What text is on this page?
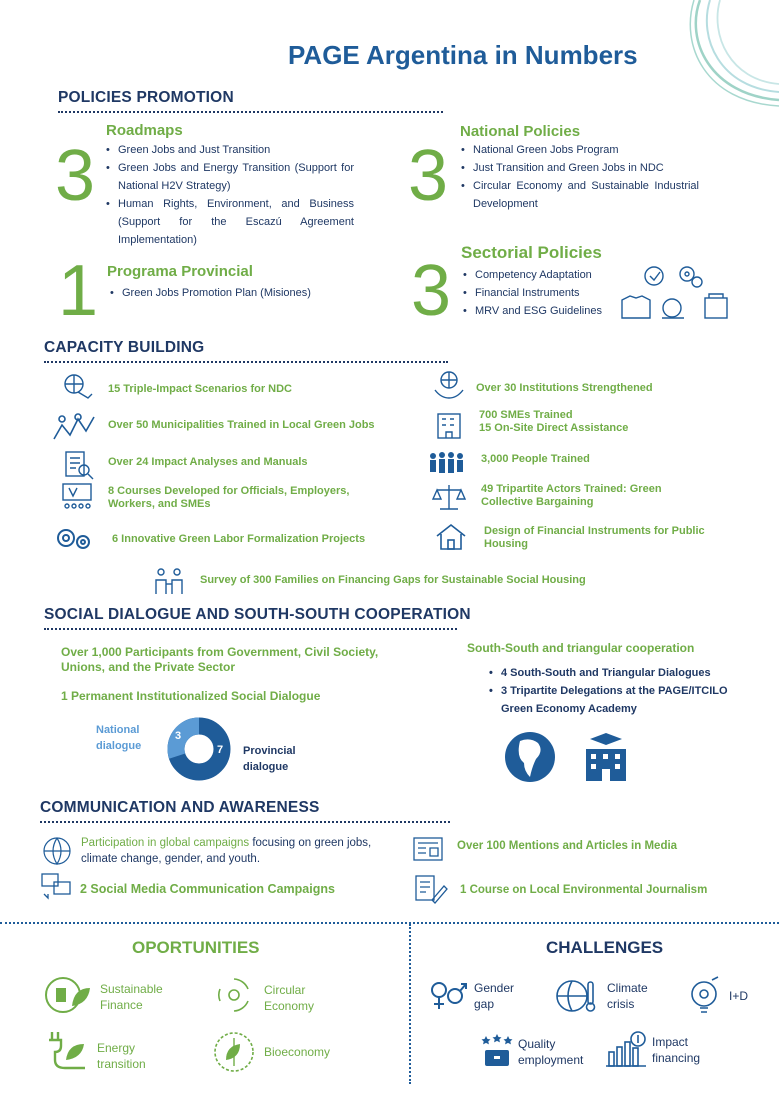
PAGE Argentina in Numbers
POLICIES PROMOTION
3
Roadmaps
• Green Jobs and Just Transition
• Green Jobs and Energy Transition (Support for National H2V Strategy)
• Human Rights, Environment, and Business (Support for the Escazú Agreement Implementation)
3
National Policies
• National Green Jobs Program
• Just Transition and Green Jobs in NDC
• Circular Economy and Sustainable Industrial Development
1 Programa Provincial
• Green Jobs Promotion Plan (Misiones)	3 Sectorial Policies
• Competency Adaptation
• Financial Instruments
• MRV and ESG Guidelines
CAPACITY BUILDING
15 Triple-Impact Scenarios for NDC
Over 50 Municipalities Trained in Local Green Jobs
Over 24 Impact Analyses and Manuals
8 Courses Developed for Officials, Employers, Workers, and SMEs
6 Innovative Green Labor Formalization Projects
Over 30 Institutions Strengthened
700 SMEs Trained
15 On-Site Direct Assistance
3,000 People Trained
49 Tripartite Actors Trained: Green Collective Bargaining
Design of Financial Instruments for Public Housing
Survey of 300 Families on Financing Gaps for Sustainable Social Housing
SOCIAL DIALOGUE AND SOUTH-SOUTH COOPERATION
Over 1,000 Participants from Government, Civil Society, Unions, and the Private Sector
1 Permanent Institutionalized Social Dialogue
National dialogue
3
7 Provincial dialogue
South-South and triangular cooperation
• 4 South-South and Triangular Dialogues
• 3 Tripartite Delegations at the PAGE/ITCILO Green Economy Academy
COMMUNICATION AND AWARENESS
Participation in global campaigns focusing on green jobs, climate change, gender, and youth.
2 Social Media Communication Campaigns
Over 100 Mentions and Articles in Media
1 Course on Local Environmental Journalism
OPORTUNITIES
Sustainable Finance
Circular Economy
Energy transition
Bioeconomy
CHALLENGES
Gender gap
Climate crisis
I+D
Quality employment
Impact financing
